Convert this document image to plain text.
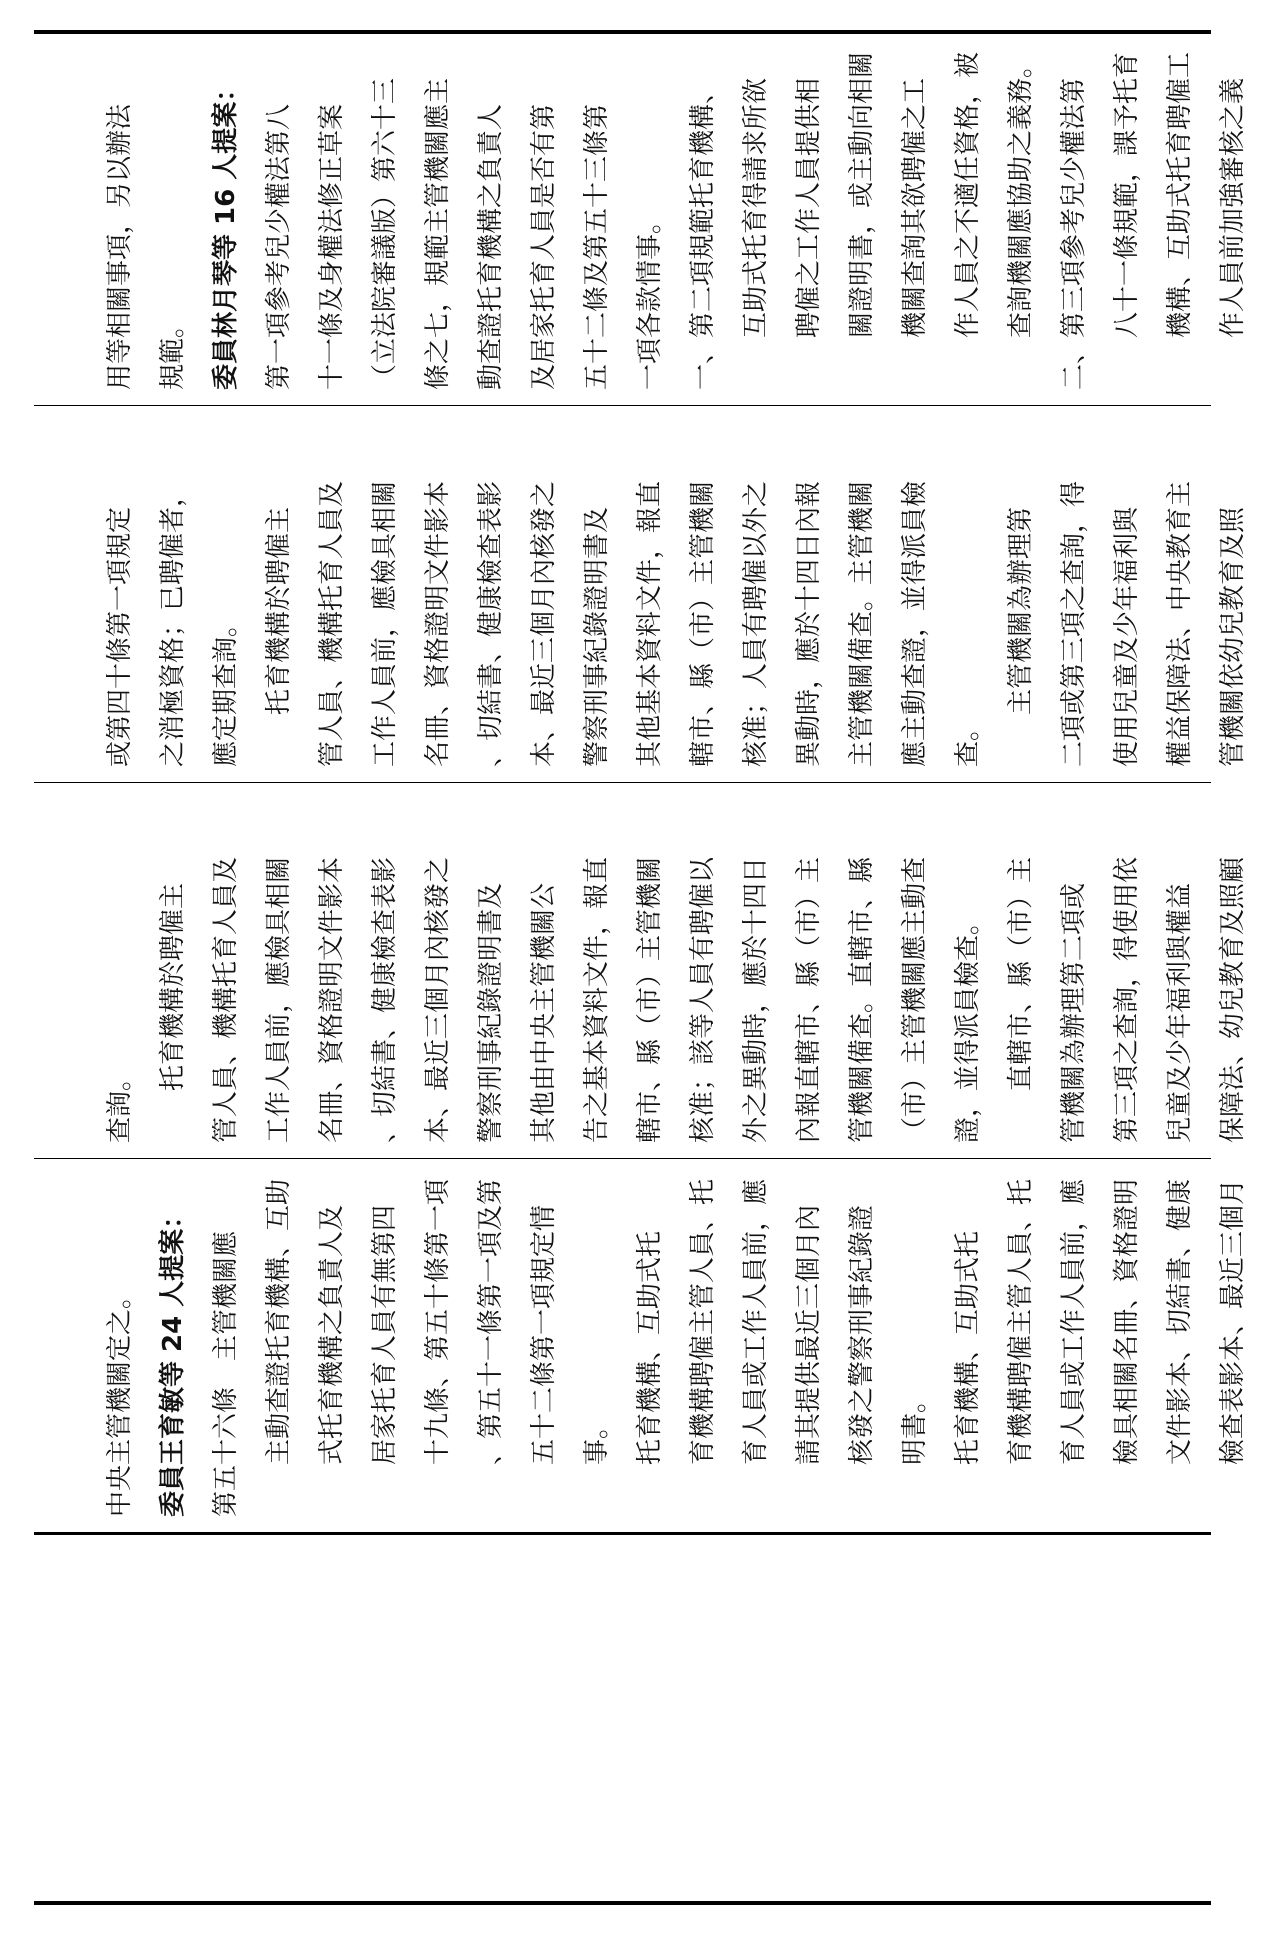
用等相關事項，另以辦法 規範。 委員林月琴等 16 人提案： 第一項參考兒少權法第八 十一條及身權法修正草案 （立法院審議版）第六十三 條之七，規範主管機關應主 動查證托育機構之負責人 及居家托育人員是否有第 五十二條及第五十三條第 一項各款情事。 一、第二項規範托育機構、 互助式托育得請求所欲 聘僱之工作人員提供相 關證明書，或主動向相關 機關查詢其欲聘僱之工 作人員之不適任資格，被 查詢機關應協助之義務。 二、第三項參考兒少權法第 八十一條規範，課予托育 機構、互助式托育聘僱工 作人員前加強審核之義

或第四十條第一項規定 之消極資格；已聘僱者， 應定期查詢。 托育機構於聘僱主 管人員、機構托育人員及 工作人員前，應檢具相關 名冊、資格證明文件影本 、切結書、健康檢查表影 本、最近三個月內核發之 警察刑事紀錄證明書及 其他基本資料文件，報直 轄市、縣（市）主管機關 核准；人員有聘僱以外之 異動時，應於十四日內報 主管機關備查。主管機關 應主動查證，並得派員檢 查。

主管機關為辦理第 二項或第三項之查詢，得 使用兒童及少年福利與 權益保障法、中央教育主 管機關依幼兒教育及照

查詢。

托育機構於聘僱主 管人員、機構托育人員及 工作人員前，應檢具相關 名冊、資格證明文件影本 、切結書、健康檢查表影 本、最近三個月內核發之 警察刑事紀錄證明書及 其他由中央主管機關公 告之基本資料文件，報直 轄市、縣（市）主管機關 核准；該等人員有聘僱以 外之異動時，應於十四日 內報直轄市、縣（市）主 管機關備查。直轄市、縣 （市）主管機關應主動查 證，並得派員檢查。 直轄市、縣（市）主 管機關為辦理第二項或 第三項之查詢，得使用依 兒童及少年福利與權益 保障法、幼兒教育及照顧

中央主管機關定之。 委員王育敏等 24 人提案： 第五十六條　主管機關應 主動查證托育機構、互助 式托育機構之負責人及 居家托育人員有無第四 十九條、第五十條第一項 、第五十一條第一項及第 五十二條第一項規定情 事。 托育機構、互助式托 育機構聘僱主管人員、托 育人員或工作人員前，應 請其提供最近三個月內 核發之警察刑事紀錄證 明書。 托育機構、互助式托 育機構聘僱主管人員、托 育人員或工作人員前，應 檢具相關名冊、資格證明 文件影本、切結書、健康 檢查表影本、最近三個月
